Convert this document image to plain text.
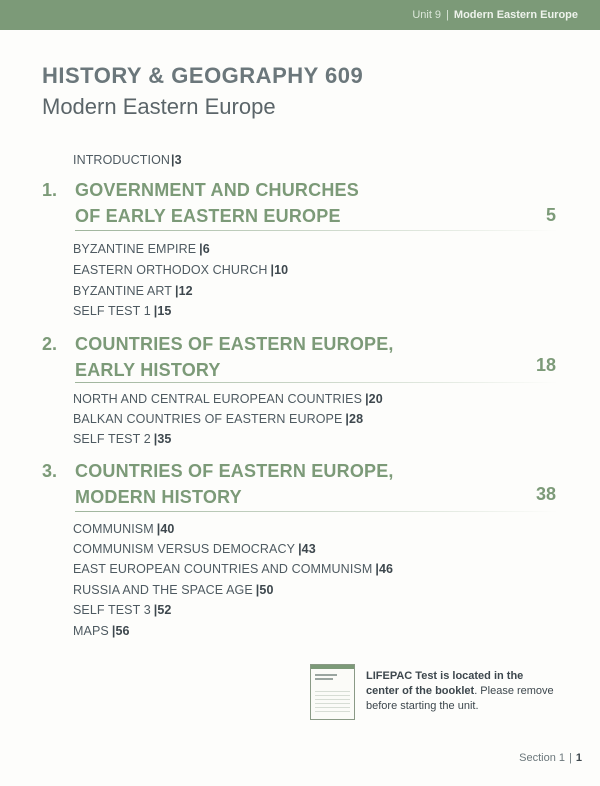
Unit 9 | Modern Eastern Europe
HISTORY & GEOGRAPHY 609
Modern Eastern Europe
INTRODUCTION|3
1. GOVERNMENT AND CHURCHES
OF EARLY EASTERN EUROPE	5
BYZANTINE EMPIRE |6
EASTERN ORTHODOX CHURCH |10
BYZANTINE ART |12
SELF TEST 1 |15
2. COUNTRIES OF EASTERN EUROPE,
EARLY HISTORY	18
NORTH AND CENTRAL EUROPEAN COUNTRIES |20
BALKAN COUNTRIES OF EASTERN EUROPE |28
SELF TEST 2 |35
3. COUNTRIES OF EASTERN EUROPE,
MODERN HISTORY	38
COMMUNISM |40
COMMUNISM VERSUS DEMOCRACY |43
EAST EUROPEAN COUNTRIES AND COMMUNISM |46
RUSSIA AND THE SPACE AGE |50
SELF TEST 3 |52
MAPS |56
LIFEPAC Test is located in the center of the booklet. Please remove before starting the unit.
Section 1 | 1
